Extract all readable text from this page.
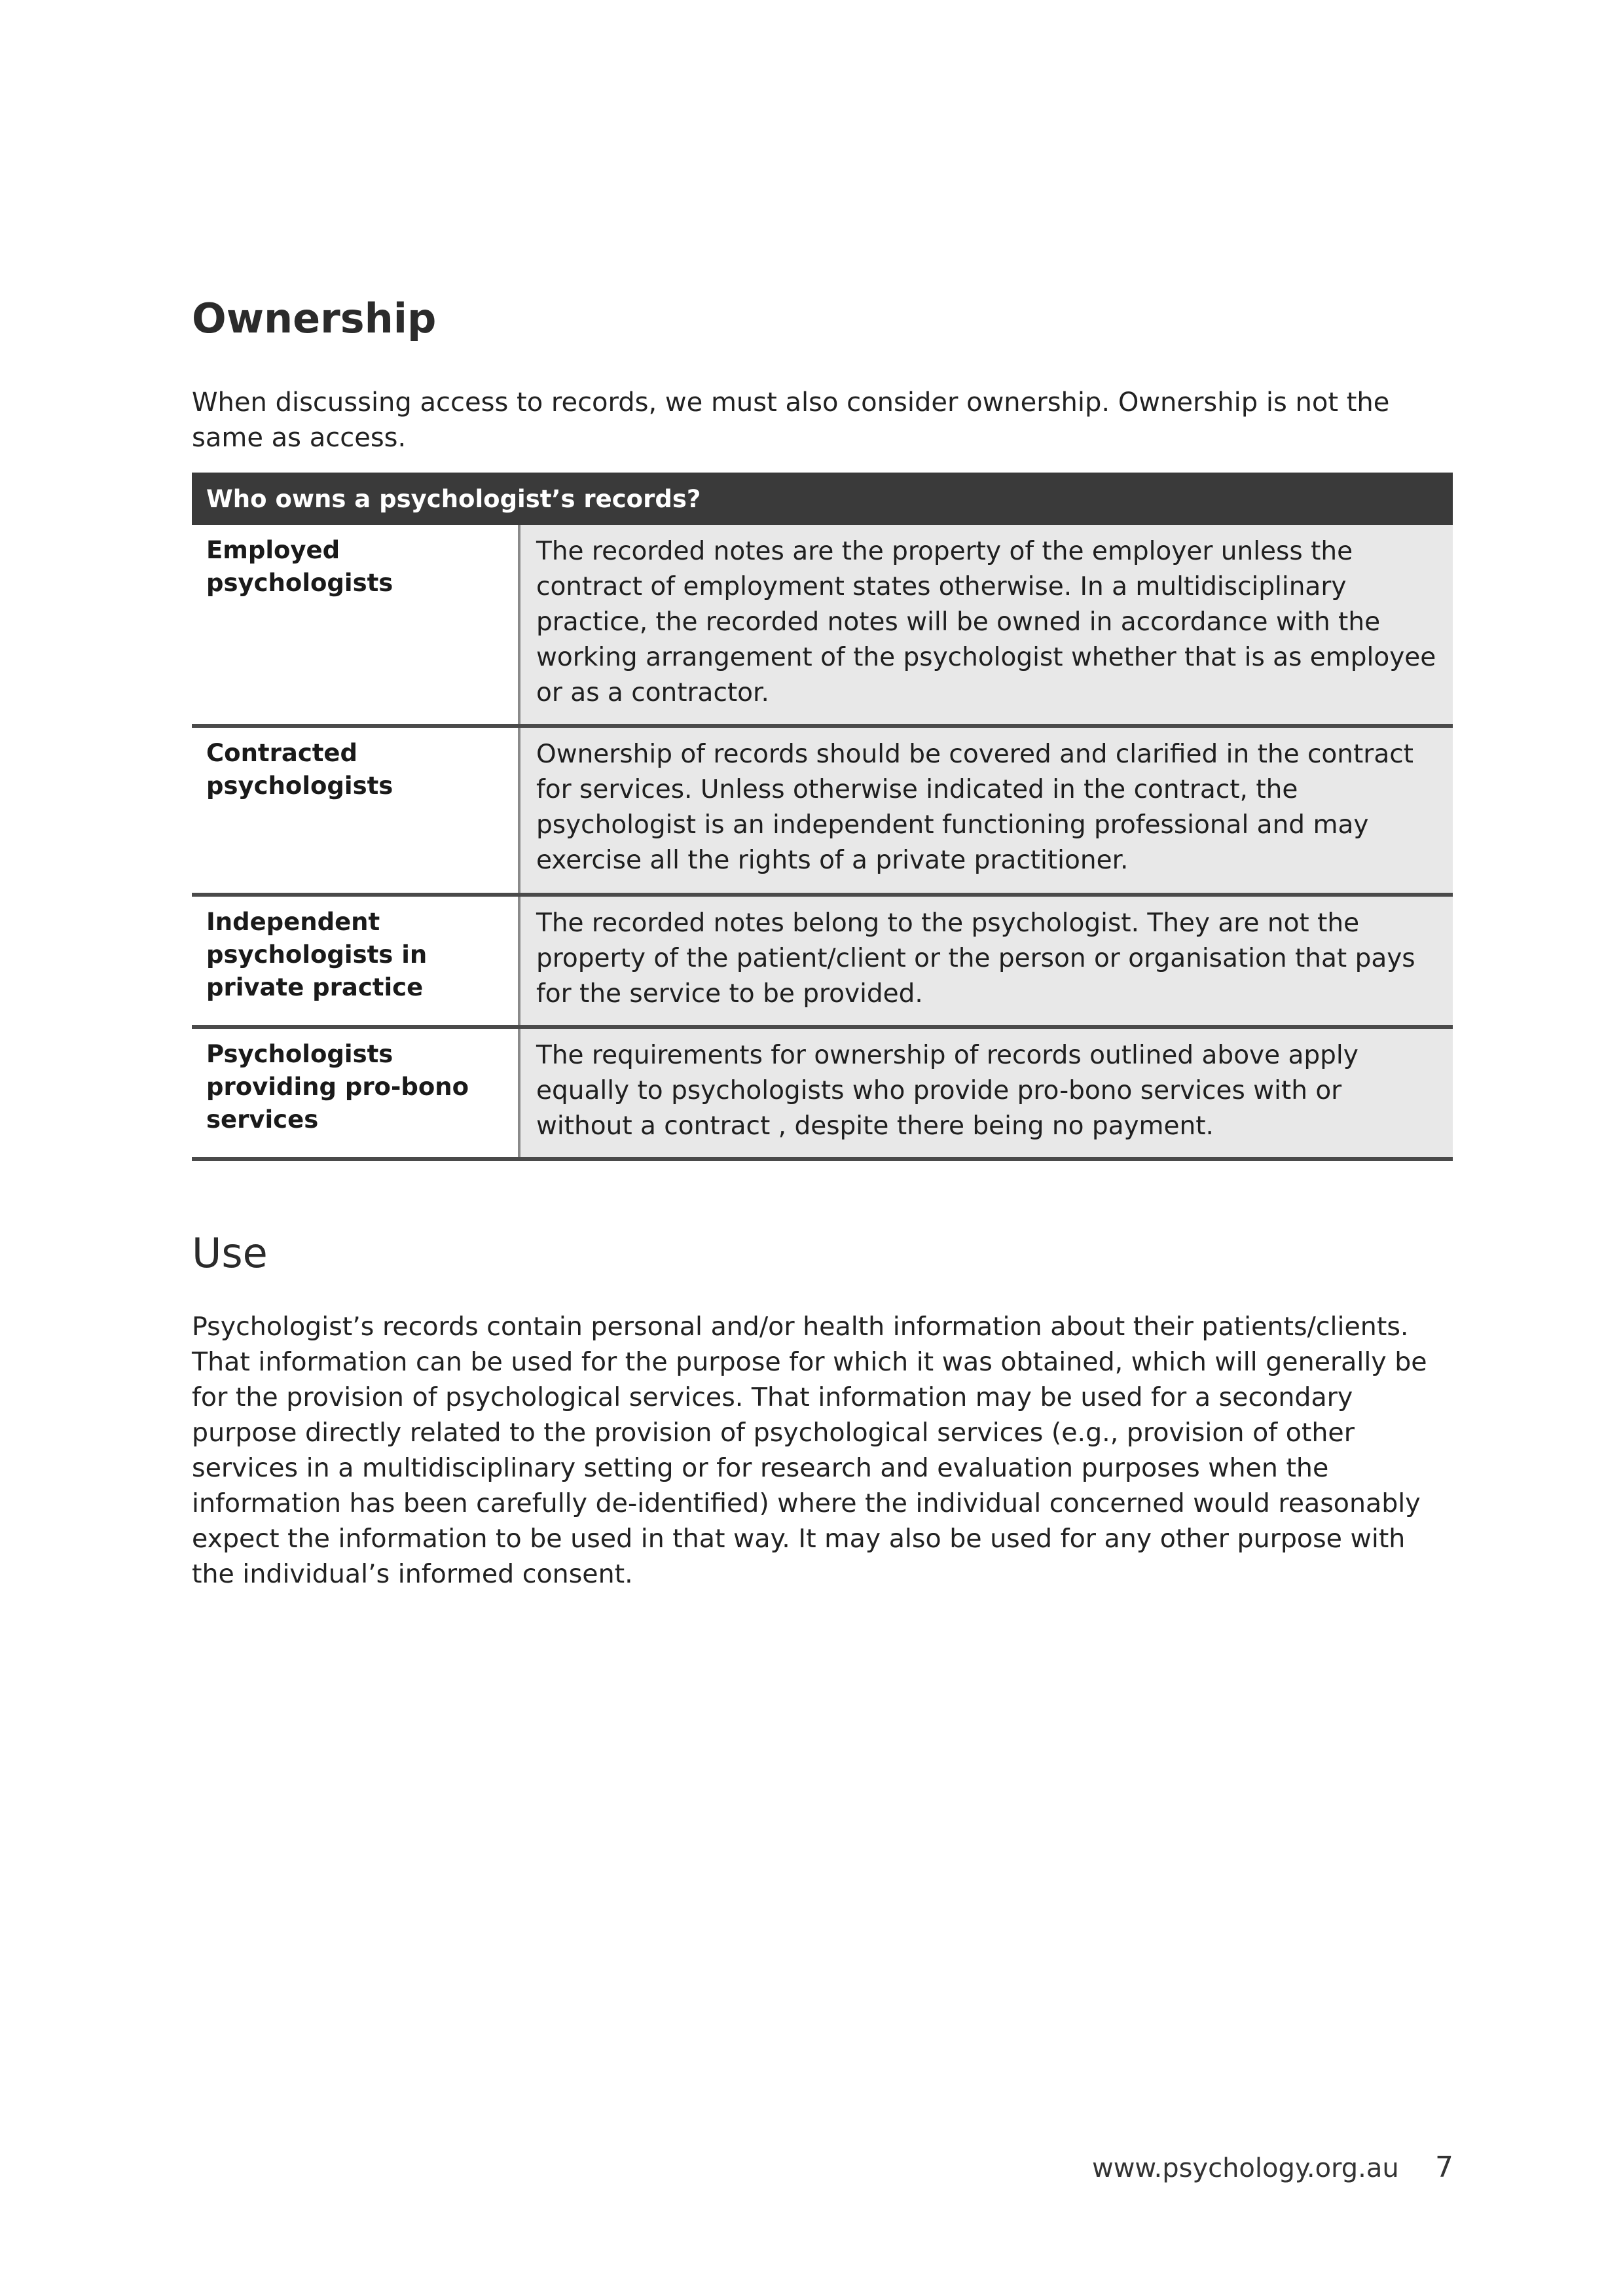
Ownership

When discussing access to records, we must also consider ownership. Ownership is not the same as access.

Who owns a psychologist’s records?	
Employed psychologists	The recorded notes are the property of the employer unless the contract of employment states otherwise. In a multidisciplinary practice, the recorded notes will be owned in accordance with the working arrangement of the psychologist whether that is as employee or as a contractor.
Contracted psychologists	Ownership of records should be covered and clarified in the contract for services. Unless otherwise indicated in the contract, the psychologist is an independent functioning professional and may exercise all the rights of a private practitioner.
Independent psychologists in private practice	The recorded notes belong to the psychologist. They are not the property of the patient/client or the person or organisation that pays for the service to be provided.
Psychologists providing pro-bono services	The requirements for ownership of records outlined above apply equally to psychologists who provide pro-bono services with or without a contract , despite there being no payment.
Use

Psychologist’s records contain personal and/or health information about their patients/clients. That information can be used for the purpose for which it was obtained, which will generally be for the provision of psychological services. That information may be used for a secondary purpose directly related to the provision of psychological services (e.g., provision of other services in a multidisciplinary setting or for research and evaluation purposes when the information has been carefully de-identified) where the individual concerned would reasonably expect the information to be used in that way. It may also be used for any other purpose with the individual’s informed consent.

www.psychology.org.au 7
